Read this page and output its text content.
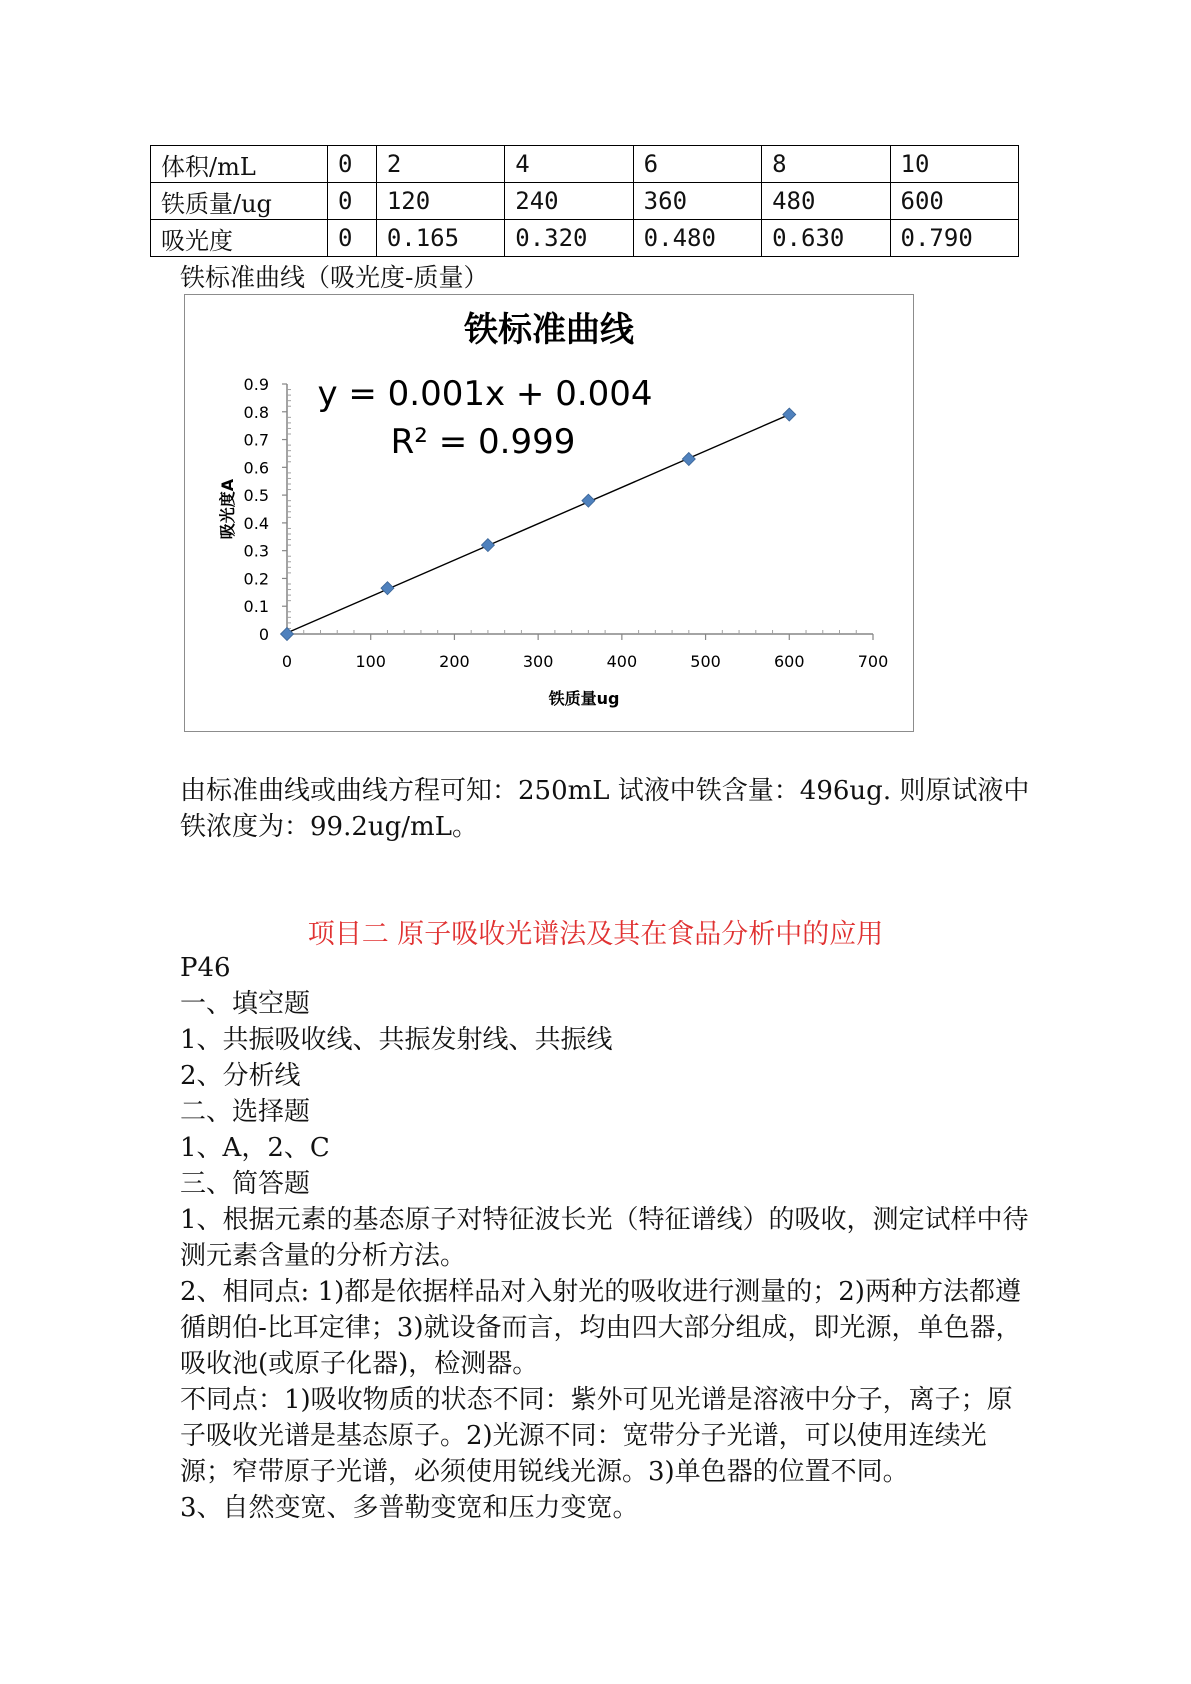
体积/mL	0	2	4	6	8	10
铁质量/ug	0	120	240	360	480	600
吸光度	0	0.165	0.320	0.480	0.630	0.790
铁标准曲线（吸光度-质量）
铁标准曲线
0
0.1
0.2
0.3
0.4
0.5
0.6
0.7
0.8
0.9
0	100	200	300	400	500	600	700
铁质量ug
吸光度A
y = 0.001x + 0.004
R² = 0.999

由标准曲线或曲线方程可知：250mL 试液中铁含量：496ug. 则原试液中铁浓度为：99.2ug/mL。

项目二 原子吸收光谱法及其在食品分析中的应用
P46
一、填空题
1、共振吸收线、共振发射线、共振线
2、分析线
二、选择题
1、A，2、C
三、简答题
1、根据元素的基态原子对特征波长光（特征谱线）的吸收，测定试样中待测元素含量的分析方法。
2、相同点: 1)都是依据样品对入射光的吸收进行测量的；2)两种方法都遵循朗伯-比耳定律；3)就设备而言，均由四大部分组成，即光源，单色器，吸收池(或原子化器)，检测器。
不同点：1)吸收物质的状态不同：紫外可见光谱是溶液中分子，离子；原子吸收光谱是基态原子。2)光源不同：宽带分子光谱，可以使用连续光源；窄带原子光谱，必须使用锐线光源。3)单色器的位置不同。
3、自然变宽、多普勒变宽和压力变宽。
